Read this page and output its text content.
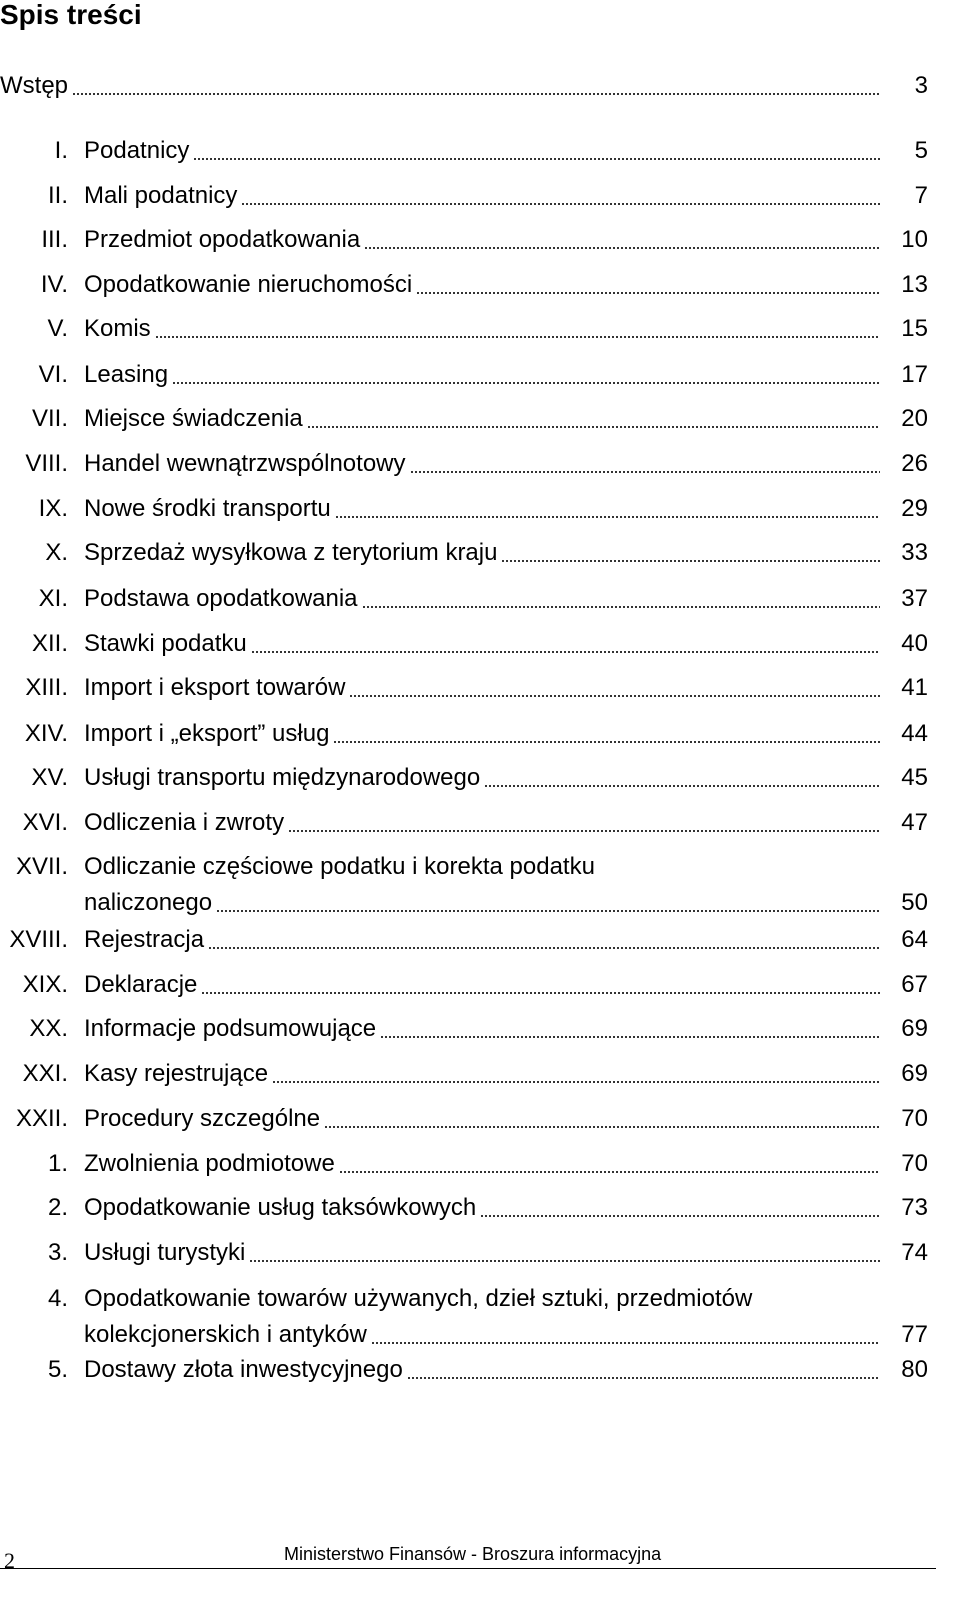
Spis treści
Wstęp	3
I. Podatnicy	5
II. Mali podatnicy	7
III. Przedmiot opodatkowania	10
IV. Opodatkowanie nieruchomości	13
V. Komis	15
VI. Leasing	17
VII. Miejsce świadczenia	20
VIII. Handel wewnątrzwspólnotowy	26
IX. Nowe środki transportu	29
X. Sprzedaż wysyłkowa z terytorium kraju	33
XI. Podstawa opodatkowania	37
XII. Stawki podatku	40
XIII. Import i eksport towarów	41
XIV. Import i „eksport” usług	44
XV. Usługi transportu międzynarodowego	45
XVI. Odliczenia i zwroty	47
XVII. Odliczanie częściowe podatku i korekta podatku
naliczonego	50
XVIII. Rejestracja	64
XIX. Deklaracje	67
XX. Informacje podsumowujące	69
XXI. Kasy rejestrujące	69
XXII. Procedury szczególne	70
1. Zwolnienia podmiotowe	70
2. Opodatkowanie usług taksówkowych	73
3. Usługi turystyki	74
4. Opodatkowanie towarów używanych, dzieł sztuki, przedmiotów
kolekcjonerskich i antyków	77
5. Dostawy złota inwestycyjnego	80
2	Ministerstwo Finansów - Broszura informacyjna
